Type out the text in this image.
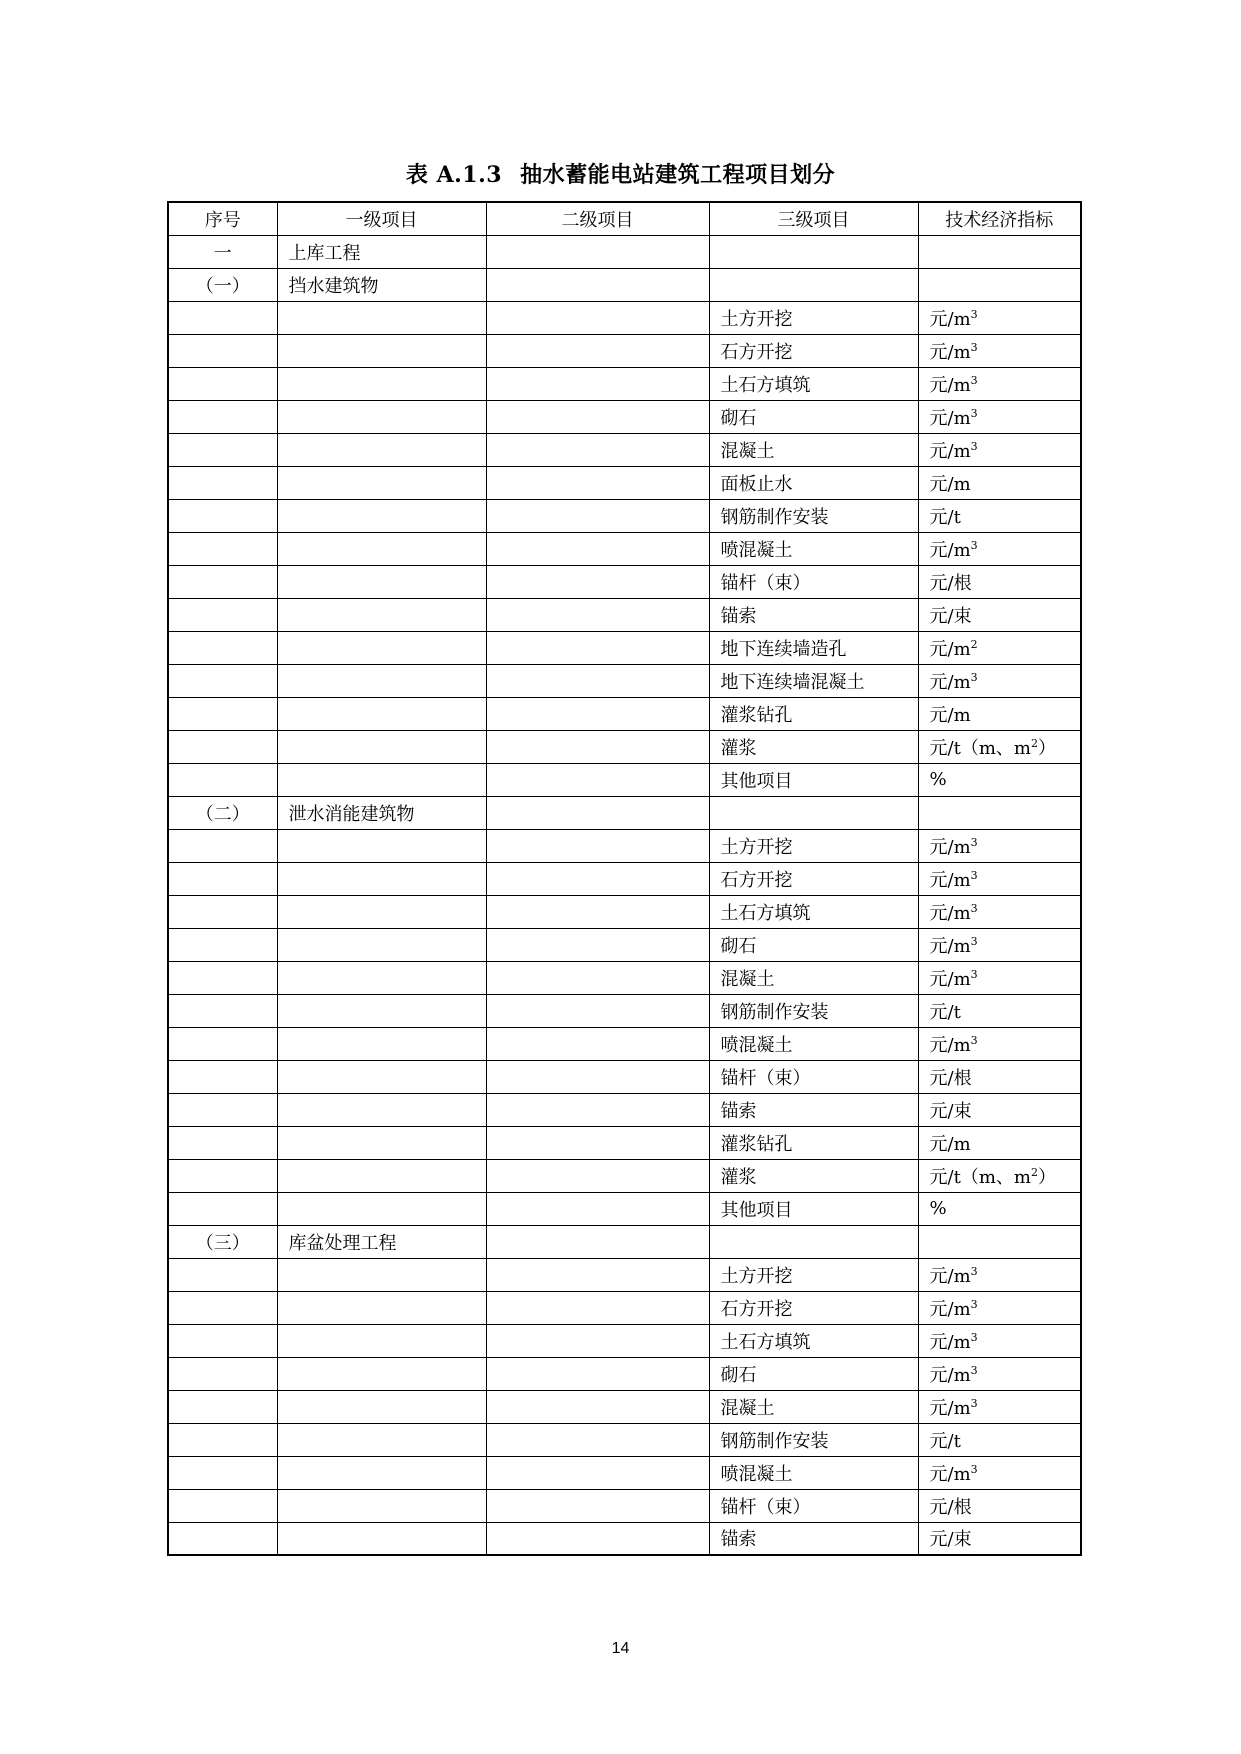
表 A.1.3 抽水蓄能电站建筑工程项目划分
序号	一级项目	二级项目	三级项目	技术经济指标
一	上库工程			
（一）	挡水建筑物			
			土方开挖	元$/m^3$
			石方开挖	元$/m^3$
			土石方填筑	元$/m^3$
			砌石	元$/m^3$
			混凝土	元$/m^3$
			面板止水	元/m
			钢筋制作安装	元/t
			喷混凝土	元$/m^3$
			锚杆（束）	元/根
			锚索	元/束
			地下连续墙造孔	元$/m^2$
			地下连续墙混凝土	元$/m^3$
			灌浆钻孔	元/m
			灌浆	元/t（m、$m^2$）
			其他项目	%
（二）	泄水消能建筑物			
			土方开挖	元$/m^3$
			石方开挖	元$/m^3$
			土石方填筑	元$/m^3$
			砌石	元$/m^3$
			混凝土	元$/m^3$
			钢筋制作安装	元/t
			喷混凝土	元$/m^3$
			锚杆（束）	元/根
			锚索	元/束
			灌浆钻孔	元/m
			灌浆	元/t（m、$m^2$）
			其他项目	%
（三）	库盆处理工程			
			土方开挖	元$/m^3$
			石方开挖	元$/m^3$
			土石方填筑	元$/m^3$
			砌石	元$/m^3$
			混凝土	元$/m^3$
			钢筋制作安装	元/t
			喷混凝土	元$/m^3$
			锚杆（束）	元/根
			锚索	元/束
14
